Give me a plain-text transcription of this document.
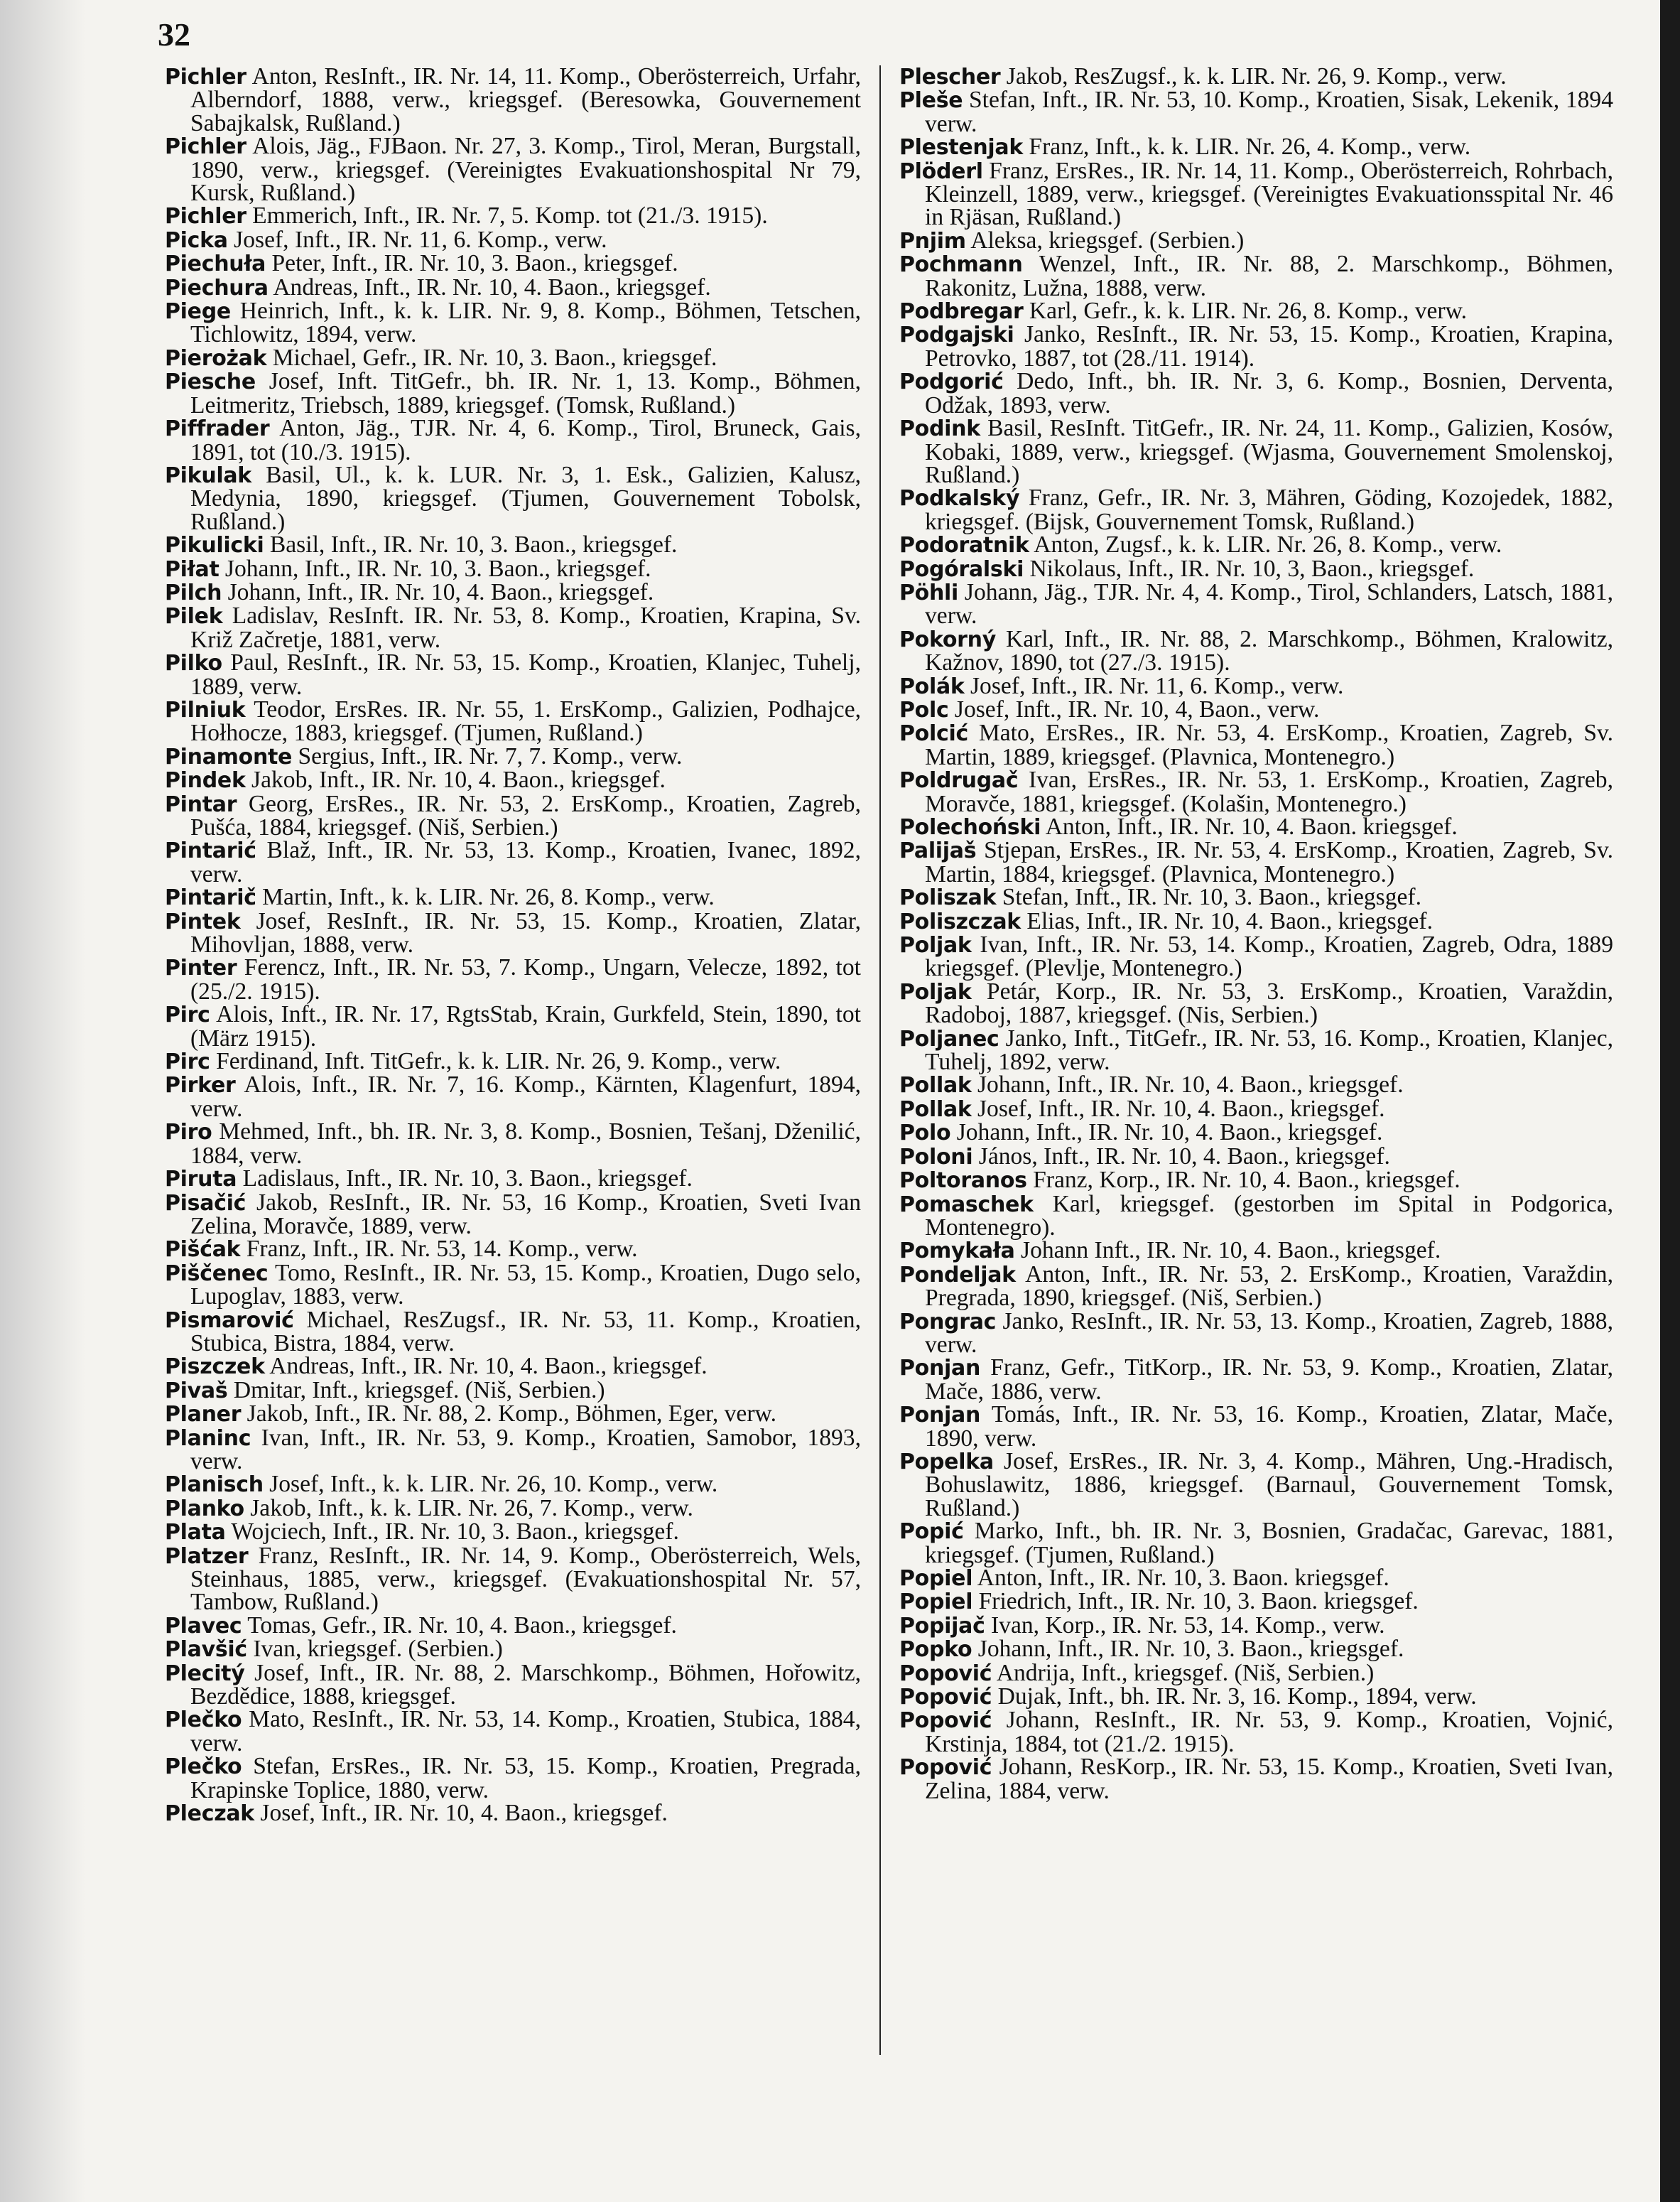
32
Pichler Anton, ResInft., IR. Nr. 14, 11. Komp., Oberösterreich, Urfahr, Alberndorf, 1888, verw., kriegsgef. (Beresowka, Gouvernement Sabajkalsk, Rußland.)
Pichler Alois, Jäg., FJBaon. Nr. 27, 3. Komp., Tirol, Meran, Burgstall, 1890, verw., kriegsgef. (Vereinigtes Evakuationshospital Nr 79, Kursk, Rußland.)
Pichler Emmerich, Inft., IR. Nr. 7, 5. Komp. tot (21./3. 1915).
Picka Josef, Inft., IR. Nr. 11, 6. Komp., verw.
Piechuła Peter, Inft., IR. Nr. 10, 3. Baon., kriegsgef.
Piechura Andreas, Inft., IR. Nr. 10, 4. Baon., kriegsgef.
Piege Heinrich, Inft., k. k. LIR. Nr. 9, 8. Komp., Böhmen, Tetschen, Tichlowitz, 1894, verw.
Pierożak Michael, Gefr., IR. Nr. 10, 3. Baon., kriegsgef.
Piesche Josef, Inft. TitGefr., bh. IR. Nr. 1, 13. Komp., Böhmen, Leitmeritz, Triebsch, 1889, kriegsgef. (Tomsk, Rußland.)
Piffrader Anton, Jäg., TJR. Nr. 4, 6. Komp., Tirol, Bruneck, Gais, 1891, tot (10./3. 1915).
Pikulak Basil, Ul., k. k. LUR. Nr. 3, 1. Esk., Galizien, Kalusz, Medynia, 1890, kriegsgef. (Tjumen, Gouvernement Tobolsk, Rußland.)
Pikulicki Basil, Inft., IR. Nr. 10, 3. Baon., kriegsgef.
Piłat Johann, Inft., IR. Nr. 10, 3. Baon., kriegsgef.
Pilch Johann, Inft., IR. Nr. 10, 4. Baon., kriegsgef.
Pilek Ladislav, ResInft. IR. Nr. 53, 8. Komp., Kroatien, Krapina, Sv. Križ Začretje, 1881, verw.
Pilko Paul, ResInft., IR. Nr. 53, 15. Komp., Kroatien, Klanjec, Tuhelj, 1889, verw.
Pilniuk Teodor, ErsRes. IR. Nr. 55, 1. ErsKomp., Galizien, Podhajce, Hołhocze, 1883, kriegsgef. (Tjumen, Rußland.)
Pinamonte Sergius, Inft., IR. Nr. 7, 7. Komp., verw.
Pindek Jakob, Inft., IR. Nr. 10, 4. Baon., kriegsgef.
Pintar Georg, ErsRes., IR. Nr. 53, 2. ErsKomp., Kroatien, Zagreb, Pušća, 1884, kriegsgef. (Niš, Serbien.)
Pintarić Blaž, Inft., IR. Nr. 53, 13. Komp., Kroatien, Ivanec, 1892, verw.
Pintarič Martin, Inft., k. k. LIR. Nr. 26, 8. Komp., verw.
Pintek Josef, ResInft., IR. Nr. 53, 15. Komp., Kroatien, Zlatar, Mihovljan, 1888, verw.
Pinter Ferencz, Inft., IR. Nr. 53, 7. Komp., Ungarn, Velecze, 1892, tot (25./2. 1915).
Pirc Alois, Inft., IR. Nr. 17, RgtsStab, Krain, Gurkfeld, Stein, 1890, tot (März 1915).
Pirc Ferdinand, Inft. TitGefr., k. k. LIR. Nr. 26, 9. Komp., verw.
Pirker Alois, Inft., IR. Nr. 7, 16. Komp., Kärnten, Klagenfurt, 1894, verw.
Piro Mehmed, Inft., bh. IR. Nr. 3, 8. Komp., Bosnien, Tešanj, Dženilić, 1884, verw.
Piruta Ladislaus, Inft., IR. Nr. 10, 3. Baon., kriegsgef.
Pisačić Jakob, ResInft., IR. Nr. 53, 16 Komp., Kroatien, Sveti Ivan Zelina, Moravče, 1889, verw.
Pišćak Franz, Inft., IR. Nr. 53, 14. Komp., verw.
Piščenec Tomo, ResInft., IR. Nr. 53, 15. Komp., Kroatien, Dugo selo, Lupoglav, 1883, verw.
Pismarović Michael, ResZugsf., IR. Nr. 53, 11. Komp., Kroatien, Stubica, Bistra, 1884, verw.
Piszczek Andreas, Inft., IR. Nr. 10, 4. Baon., kriegsgef.
Pivaš Dmitar, Inft., kriegsgef. (Niš, Serbien.)
Planer Jakob, Inft., IR. Nr. 88, 2. Komp., Böhmen, Eger, verw.
Planinc Ivan, Inft., IR. Nr. 53, 9. Komp., Kroatien, Samobor, 1893, verw.
Planisch Josef, Inft., k. k. LIR. Nr. 26, 10. Komp., verw.
Planko Jakob, Inft., k. k. LIR. Nr. 26, 7. Komp., verw.
Plata Wojciech, Inft., IR. Nr. 10, 3. Baon., kriegsgef.
Platzer Franz, ResInft., IR. Nr. 14, 9. Komp., Oberösterreich, Wels, Steinhaus, 1885, verw., kriegsgef. (Evakuationshospital Nr. 57, Tambow, Rußland.)
Plavec Tomas, Gefr., IR. Nr. 10, 4. Baon., kriegsgef.
Plavšić Ivan, kriegsgef. (Serbien.)
Plecitý Josef, Inft., IR. Nr. 88, 2. Marschkomp., Böhmen, Hořowitz, Bezdědice, 1888, kriegsgef.
Plečko Mato, ResInft., IR. Nr. 53, 14. Komp., Kroatien, Stubica, 1884, verw.
Plečko Stefan, ErsRes., IR. Nr. 53, 15. Komp., Kroatien, Pregrada, Krapinske Toplice, 1880, verw.
Pleczak Josef, Inft., IR. Nr. 10, 4. Baon., kriegsgef.
Plescher Jakob, ResZugsf., k. k. LIR. Nr. 26, 9. Komp., verw.
Pleše Stefan, Inft., IR. Nr. 53, 10. Komp., Kroatien, Sisak, Lekenik, 1894 verw.
Plestenjak Franz, Inft., k. k. LIR. Nr. 26, 4. Komp., verw.
Plöderl Franz, ErsRes., IR. Nr. 14, 11. Komp., Oberösterreich, Rohrbach, Kleinzell, 1889, verw., kriegsgef. (Vereinigtes Evakuationsspital Nr. 46 in Rjäsan, Rußland.)
Pnjim Aleksa, kriegsgef. (Serbien.)
Pochmann Wenzel, Inft., IR. Nr. 88, 2. Marschkomp., Böhmen, Rakonitz, Lužna, 1888, verw.
Podbregar Karl, Gefr., k. k. LIR. Nr. 26, 8. Komp., verw.
Podgajski Janko, ResInft., IR. Nr. 53, 15. Komp., Kroatien, Krapina, Petrovko, 1887, tot (28./11. 1914).
Podgorić Dedo, Inft., bh. IR. Nr. 3, 6. Komp., Bosnien, Derventa, Odžak, 1893, verw.
Podink Basil, ResInft. TitGefr., IR. Nr. 24, 11. Komp., Galizien, Kosów, Kobaki, 1889, verw., kriegsgef. (Wjasma, Gouvernement Smolenskoj, Rußland.)
Podkalský Franz, Gefr., IR. Nr. 3, Mähren, Göding, Kozojedek, 1882, kriegsgef. (Bijsk, Gouvernement Tomsk, Rußland.)
Podoratnik Anton, Zugsf., k. k. LIR. Nr. 26, 8. Komp., verw.
Pogóralski Nikolaus, Inft., IR. Nr. 10, 3, Baon., kriegsgef.
Pöhli Johann, Jäg., TJR. Nr. 4, 4. Komp., Tirol, Schlanders, Latsch, 1881, verw.
Pokorný Karl, Inft., IR. Nr. 88, 2. Marschkomp., Böhmen, Kralowitz, Kažnov, 1890, tot (27./3. 1915).
Polák Josef, Inft., IR. Nr. 11, 6. Komp., verw.
Polc Josef, Inft., IR. Nr. 10, 4, Baon., verw.
Polcić Mato, ErsRes., IR. Nr. 53, 4. ErsKomp., Kroatien, Zagreb, Sv. Martin, 1889, kriegsgef. (Plavnica, Montenegro.)
Poldrugač Ivan, ErsRes., IR. Nr. 53, 1. ErsKomp., Kroatien, Zagreb, Moravče, 1881, kriegsgef. (Kolašin, Montenegro.)
Polechoński Anton, Inft., IR. Nr. 10, 4. Baon. kriegsgef.
Palijaš Stjepan, ErsRes., IR. Nr. 53, 4. ErsKomp., Kroatien, Zagreb, Sv. Martin, 1884, kriegsgef. (Plavnica, Montenegro.)
Poliszak Stefan, Inft., IR. Nr. 10, 3. Baon., kriegsgef.
Poliszczak Elias, Inft., IR. Nr. 10, 4. Baon., kriegsgef.
Poljak Ivan, Inft., IR. Nr. 53, 14. Komp., Kroatien, Zagreb, Odra, 1889 kriegsgef. (Plevlje, Montenegro.)
Poljak Petár, Korp., IR. Nr. 53, 3. ErsKomp., Kroatien, Varaždin, Radoboj, 1887, kriegsgef. (Nis, Serbien.)
Poljanec Janko, Inft., TitGefr., IR. Nr. 53, 16. Komp., Kroatien, Klanjec, Tuhelj, 1892, verw.
Pollak Johann, Inft., IR. Nr. 10, 4. Baon., kriegsgef.
Pollak Josef, Inft., IR. Nr. 10, 4. Baon., kriegsgef.
Polo Johann, Inft., IR. Nr. 10, 4. Baon., kriegsgef.
Poloni János, Inft., IR. Nr. 10, 4. Baon., kriegsgef.
Poltoranos Franz, Korp., IR. Nr. 10, 4. Baon., kriegsgef.
Pomaschek Karl, kriegsgef. (gestorben im Spital in Podgorica, Montenegro).
Pomykała Johann Inft., IR. Nr. 10, 4. Baon., kriegsgef.
Pondeljak Anton, Inft., IR. Nr. 53, 2. ErsKomp., Kroatien, Varaždin, Pregrada, 1890, kriegsgef. (Niš, Serbien.)
Pongrac Janko, ResInft., IR. Nr. 53, 13. Komp., Kroatien, Zagreb, 1888, verw.
Ponjan Franz, Gefr., TitKorp., IR. Nr. 53, 9. Komp., Kroatien, Zlatar, Mače, 1886, verw.
Ponjan Tomás, Inft., IR. Nr. 53, 16. Komp., Kroatien, Zlatar, Mače, 1890, verw.
Popelka Josef, ErsRes., IR. Nr. 3, 4. Komp., Mähren, Ung.-Hradisch, Bohuslawitz, 1886, kriegsgef. (Barnaul, Gouvernement Tomsk, Rußland.)
Popić Marko, Inft., bh. IR. Nr. 3, Bosnien, Gradačac, Garevac, 1881, kriegsgef. (Tjumen, Rußland.)
Popiel Anton, Inft., IR. Nr. 10, 3. Baon. kriegsgef.
Popiel Friedrich, Inft., IR. Nr. 10, 3. Baon. kriegsgef.
Popijač Ivan, Korp., IR. Nr. 53, 14. Komp., verw.
Popko Johann, Inft., IR. Nr. 10, 3. Baon., kriegsgef.
Popović Andrija, Inft., kriegsgef. (Niš, Serbien.)
Popović Dujak, Inft., bh. IR. Nr. 3, 16. Komp., 1894, verw.
Popović Johann, ResInft., IR. Nr. 53, 9. Komp., Kroatien, Vojnić, Krstinja, 1884, tot (21./2. 1915).
Popović Johann, ResKorp., IR. Nr. 53, 15. Komp., Kroatien, Sveti Ivan, Zelina, 1884, verw.
